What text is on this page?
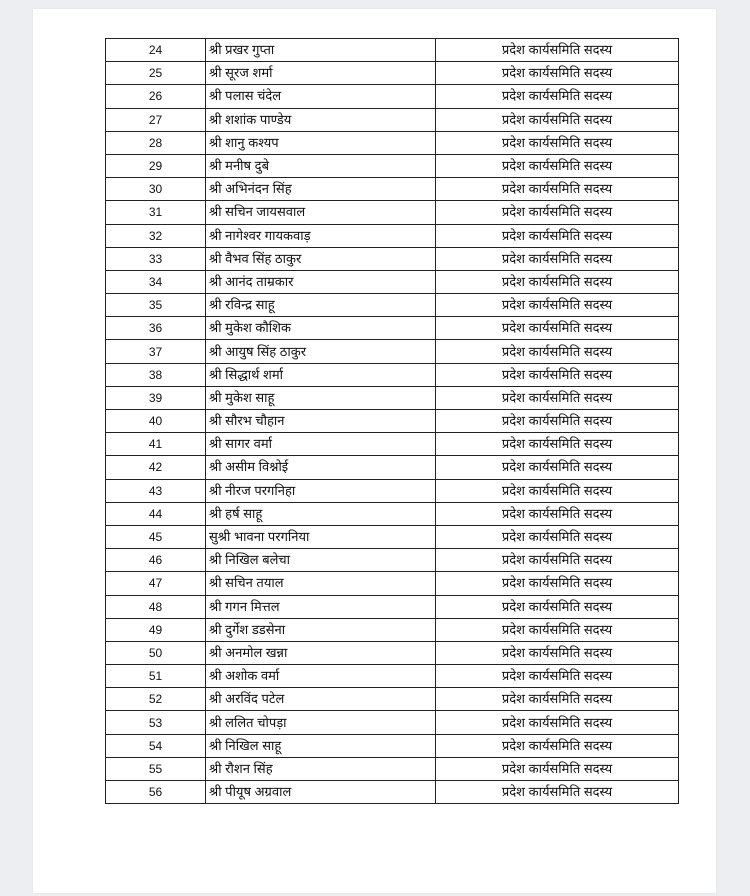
24	श्री प्रखर गुप्ता	प्रदेश कार्यसमिति सदस्य
25	श्री सूरज शर्मा	प्रदेश कार्यसमिति सदस्य
26	श्री पलास चंदेल	प्रदेश कार्यसमिति सदस्य
27	श्री शशांक पाण्डेय	प्रदेश कार्यसमिति सदस्य
28	श्री शानु कश्यप	प्रदेश कार्यसमिति सदस्य
29	श्री मनीष दुबे	प्रदेश कार्यसमिति सदस्य
30	श्री अभिनंदन सिंह	प्रदेश कार्यसमिति सदस्य
31	श्री सचिन जायसवाल	प्रदेश कार्यसमिति सदस्य
32	श्री नागेश्वर गायकवाड़	प्रदेश कार्यसमिति सदस्य
33	श्री वैभव सिंह ठाकुर	प्रदेश कार्यसमिति सदस्य
34	श्री आनंद ताम्रकार	प्रदेश कार्यसमिति सदस्य
35	श्री रविन्द्र साहू	प्रदेश कार्यसमिति सदस्य
36	श्री मुकेश कौशिक	प्रदेश कार्यसमिति सदस्य
37	श्री आयुष सिंह ठाकुर	प्रदेश कार्यसमिति सदस्य
38	श्री सिद्धार्थ शर्मा	प्रदेश कार्यसमिति सदस्य
39	श्री मुकेश साहू	प्रदेश कार्यसमिति सदस्य
40	श्री सौरभ चौहान	प्रदेश कार्यसमिति सदस्य
41	श्री सागर वर्मा	प्रदेश कार्यसमिति सदस्य
42	श्री असीम विश्नोई	प्रदेश कार्यसमिति सदस्य
43	श्री नीरज परगनिहा	प्रदेश कार्यसमिति सदस्य
44	श्री हर्ष साहू	प्रदेश कार्यसमिति सदस्य
45	सुश्री भावना परगनिया	प्रदेश कार्यसमिति सदस्य
46	श्री निखिल बलेचा	प्रदेश कार्यसमिति सदस्य
47	श्री सचिन तयाल	प्रदेश कार्यसमिति सदस्य
48	श्री गगन मित्तल	प्रदेश कार्यसमिति सदस्य
49	श्री दुर्गेश डडसेना	प्रदेश कार्यसमिति सदस्य
50	श्री अनमोल खन्ना	प्रदेश कार्यसमिति सदस्य
51	श्री अशोक वर्मा	प्रदेश कार्यसमिति सदस्य
52	श्री अरविंद पटेल	प्रदेश कार्यसमिति सदस्य
53	श्री ललित चोपड़ा	प्रदेश कार्यसमिति सदस्य
54	श्री निखिल साहू	प्रदेश कार्यसमिति सदस्य
55	श्री रौशन सिंह	प्रदेश कार्यसमिति सदस्य
56	श्री पीयूष अग्रवाल	प्रदेश कार्यसमिति सदस्य
